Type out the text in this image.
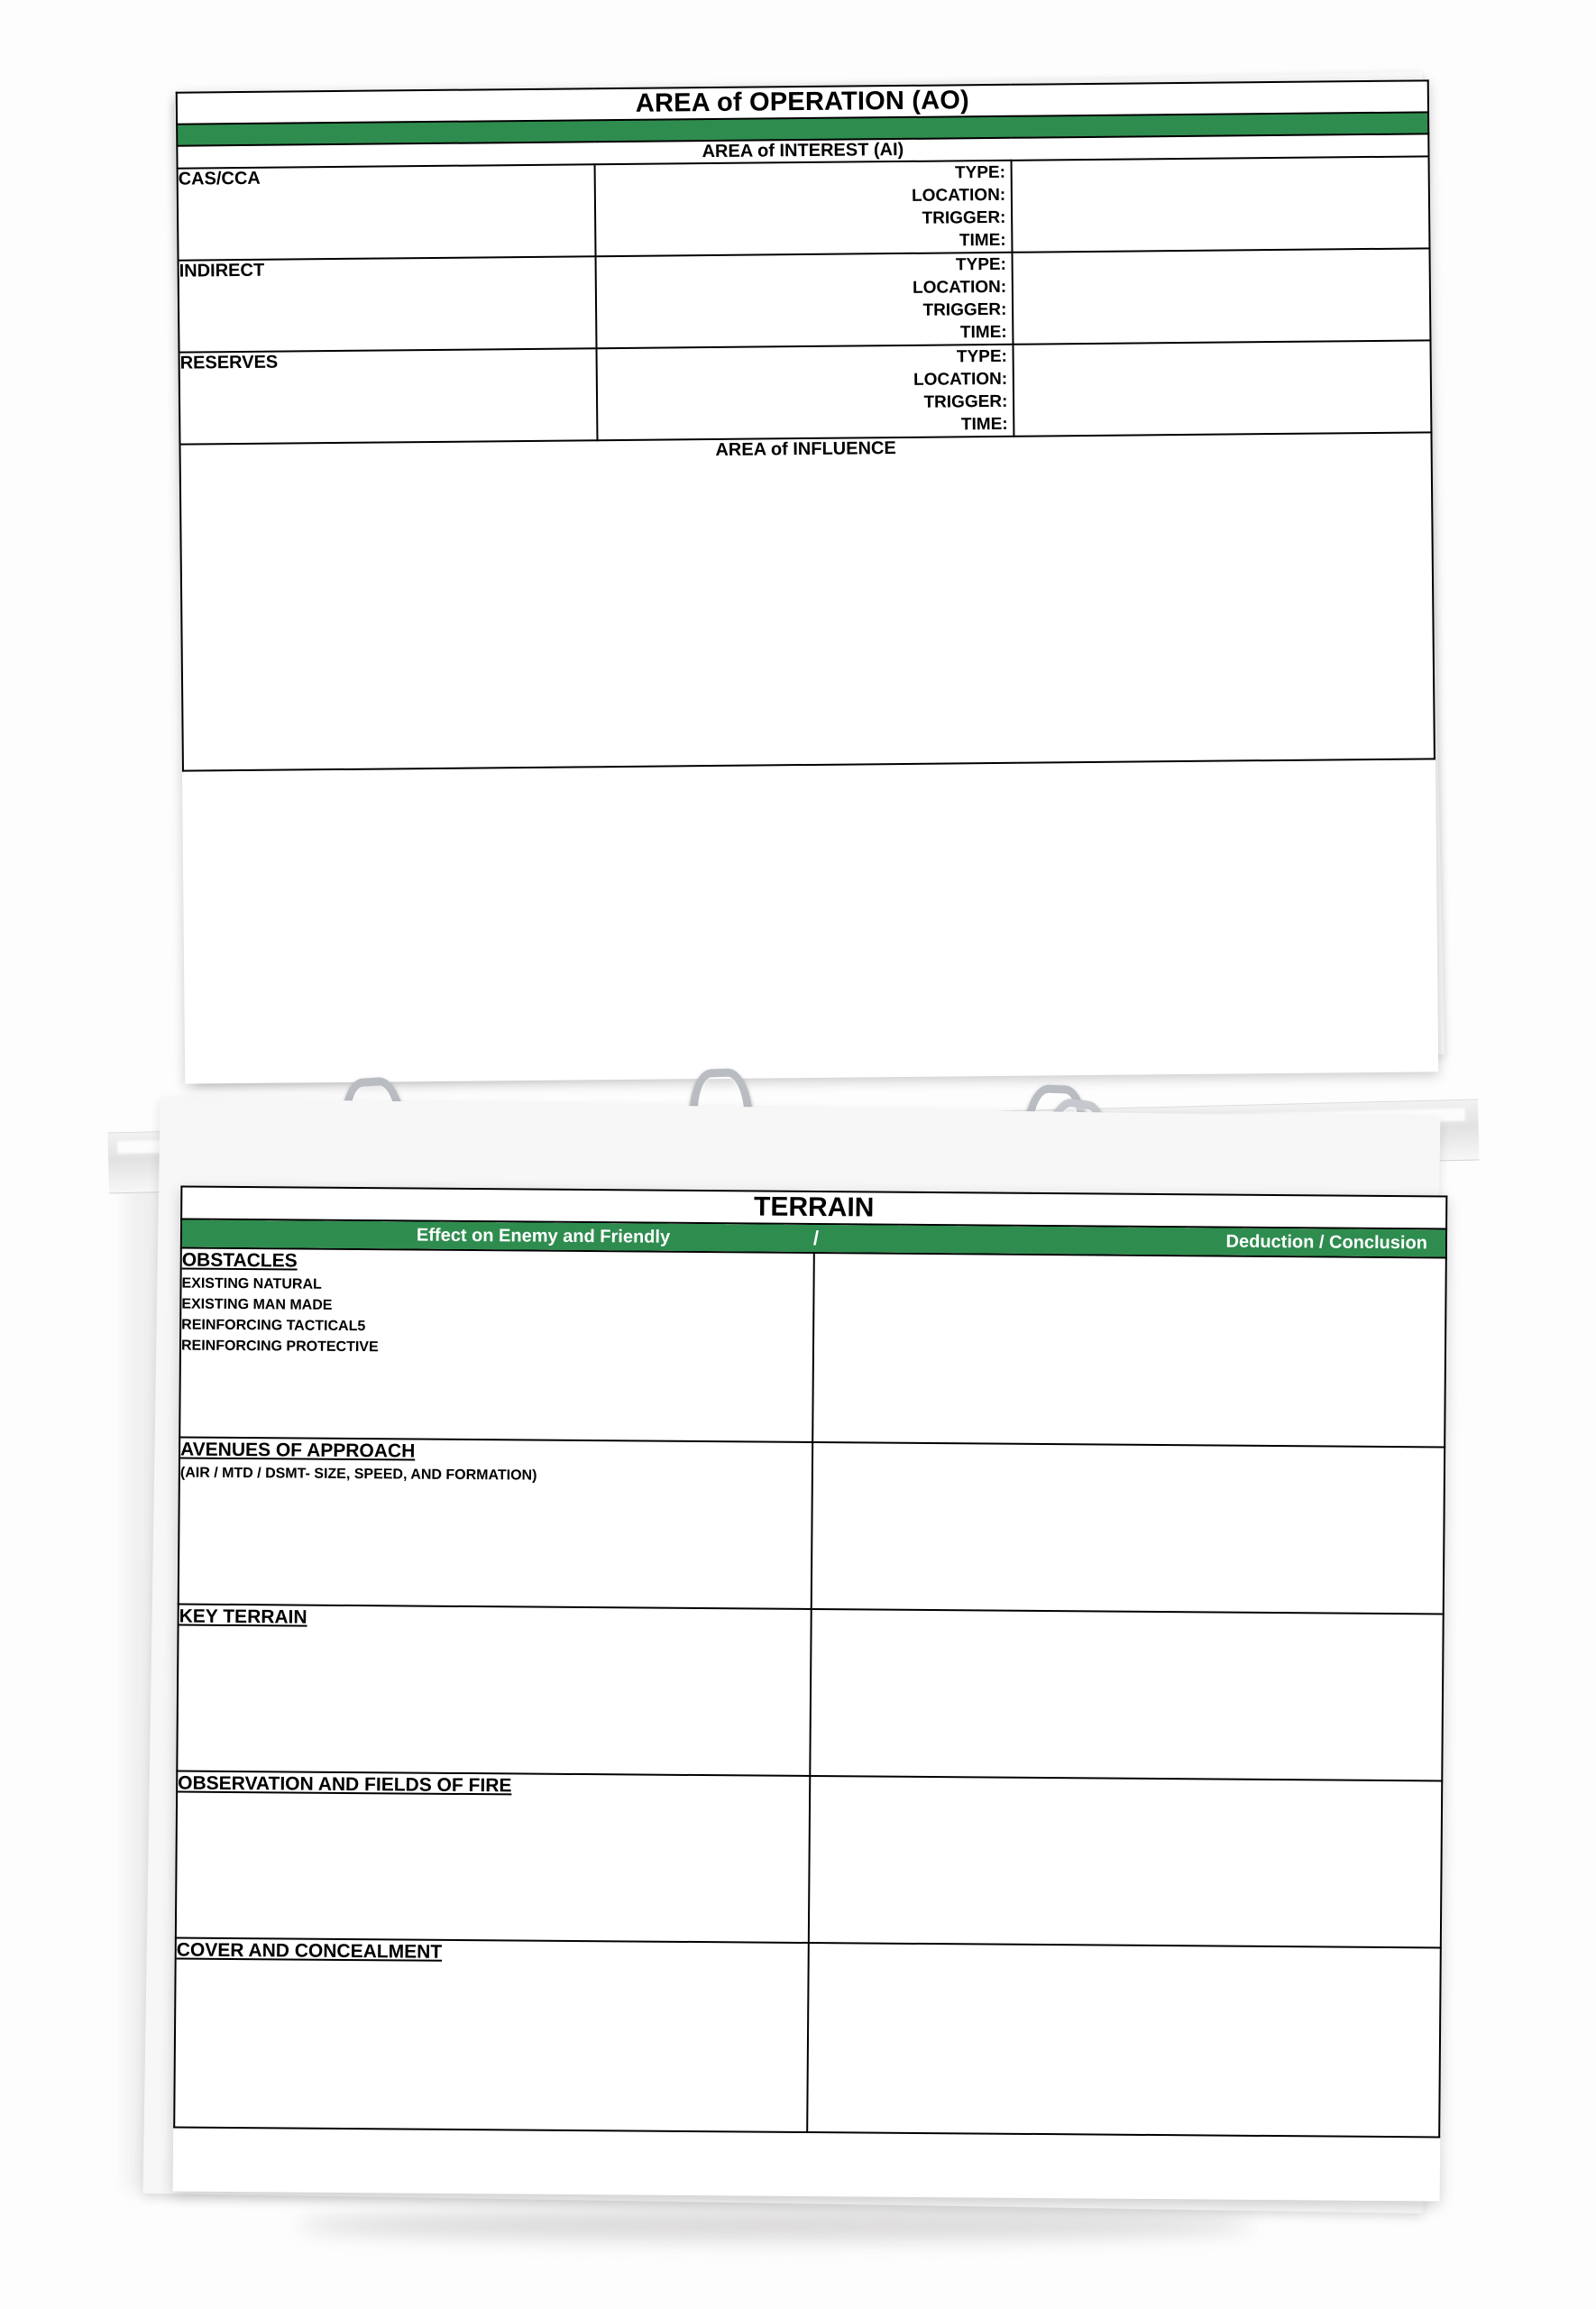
AREA of OPERATION (AO)		

AREA of INTEREST (AI)		
CAS/CCA	TYPE:
LOCATION:
TRIGGER:
TIME:	

INDIRECT	TYPE:
LOCATION:
TRIGGER:
TIME:	

RESERVES	TYPE:
LOCATION:
TRIGGER:
TIME:	

AREA of INFLUENCE		
TERRAIN	

Effect on Enemy and Friendly / Deduction / Conclusion	

OBSTACLES
EXISTING NATURAL
EXISTING MAN MADE
REINFORCING TACTICAL5
REINFORCING PROTECTIVE	

AVENUES OF APPROACH
(AIR / MTD / DSMT- SIZE, SPEED, AND FORMATION)	

KEY TERRAIN	

OBSERVATION AND FIELDS OF FIRE	

COVER AND CONCEALMENT	
